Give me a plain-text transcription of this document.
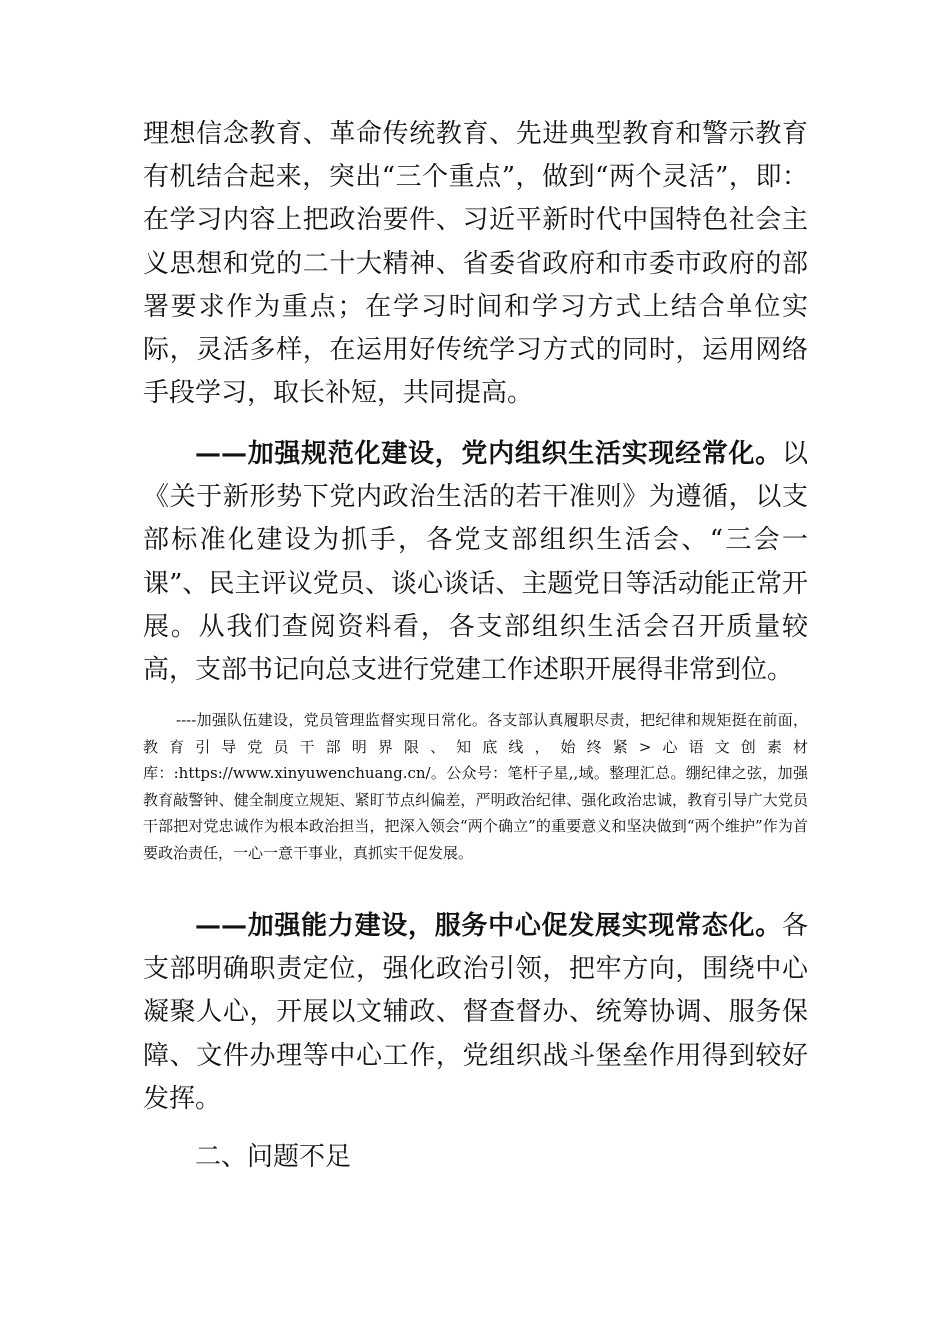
理想信念教育、革命传统教育、先进典型教育和警示教育有机结合起来，突出“三个重点”，做到“两个灵活”，即：在学习内容上把政治要件、习近平新时代中国特色社会主义思想和党的二十大精神、省委省政府和市委市政府的部署要求作为重点；在学习时间和学习方式上结合单位实际，灵活多样，在运用好传统学习方式的同时，运用网络手段学习，取长补短，共同提高。

——加强规范化建设，党内组织生活实现经常化。以《关于新形势下党内政治生活的若干准则》为遵循，以支部标准化建设为抓手，各党支部组织生活会、“三会一课”、民主评议党员、谈心谈话、主题党日等活动能正常开展。从我们查阅资料看，各支部组织生活会召开质量较高，支部书记向总支进行党建工作述职开展得非常到位。

----加强队伍建设，党员管理监督实现日常化。各支部认真履职尽责，把纪律和规矩挺在前面，教育引导党员干部明界限、知底线，始终紧>心语文创素材库：:https://www.xinyuwenchuang.cn/。公众号：笔杆子星,,域。整理汇总。绷纪律之弦，加强教育敲警钟、健全制度立规矩、紧盯节点纠偏差，严明政治纪律、强化政治忠诚，教育引导广大党员干部把对党忠诚作为根本政治担当，把深入领会“两个确立”的重要意义和坚决做到“两个维护”作为首要政治责任，一心一意干事业，真抓实干促发展。

——加强能力建设，服务中心促发展实现常态化。各支部明确职责定位，强化政治引领，把牢方向，围绕中心凝聚人心，开展以文辅政、督查督办、统筹协调、服务保障、文件办理等中心工作，党组织战斗堡垒作用得到较好发挥。

二、问题不足
